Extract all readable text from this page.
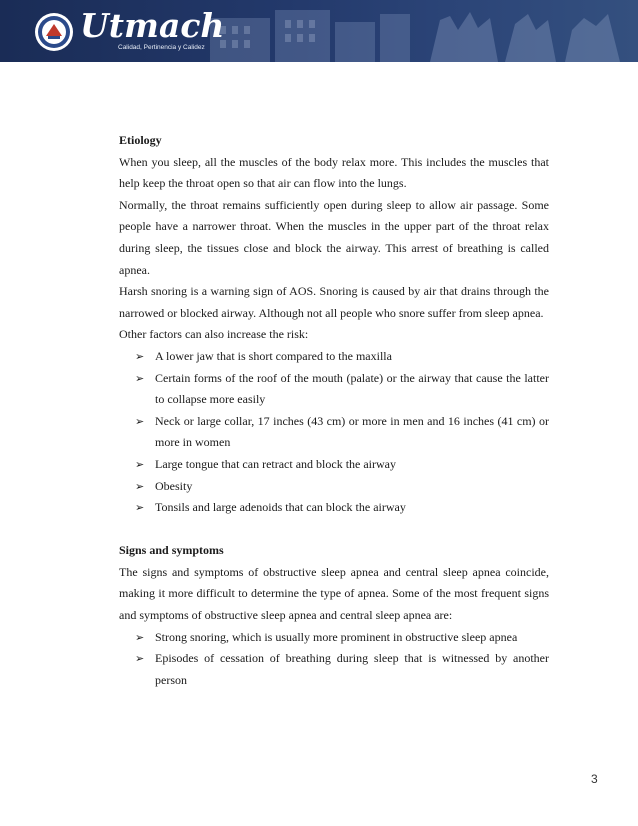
Utmach
Calidad, Pertinencia y Calidez

Etiology

When you sleep, all the muscles of the body relax more. This includes the muscles that help keep the throat open so that air can flow into the lungs.

Normally, the throat remains sufficiently open during sleep to allow air passage. Some people have a narrower throat. When the muscles in the upper part of the throat relax during sleep, the tissues close and block the airway. This arrest of breathing is called apnea.

Harsh snoring is a warning sign of AOS. Snoring is caused by air that drains through the narrowed or blocked airway. Although not all people who snore suffer from sleep apnea.

Other factors can also increase the risk:

➢ A lower jaw that is short compared to the maxilla
➢ Certain forms of the roof of the mouth (palate) or the airway that cause the latter to collapse more easily
➢ Neck or large collar, 17 inches (43 cm) or more in men and 16 inches (41 cm) or more in women
➢ Large tongue that can retract and block the airway
➢ Obesity
➢ Tonsils and large adenoids that can block the airway

Signs and symptoms

The signs and symptoms of obstructive sleep apnea and central sleep apnea coincide, making it more difficult to determine the type of apnea. Some of the most frequent signs and symptoms of obstructive sleep apnea and central sleep apnea are:

➢ Strong snoring, which is usually more prominent in obstructive sleep apnea
➢ Episodes of cessation of breathing during sleep that is witnessed by another person
3
